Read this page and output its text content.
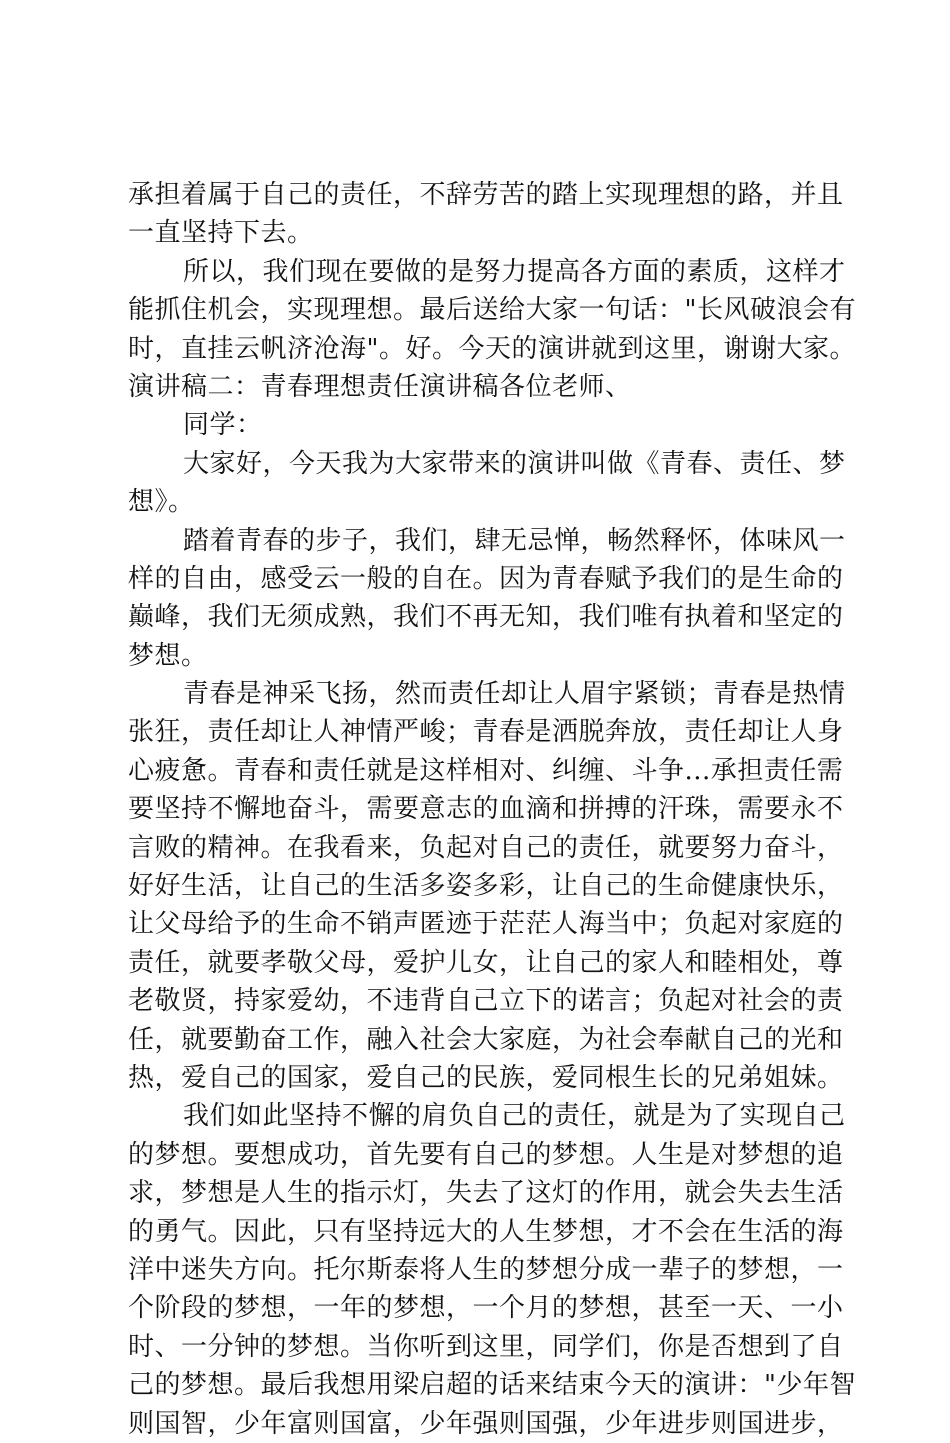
承担着属于自己的责任，不辞劳苦的踏上实现理想的路，并且
一直坚持下去。
所以，我们现在要做的是努力提高各方面的素质，这样才
能抓住机会，实现理想。最后送给大家一句话："长风破浪会有
时，直挂云帆济沧海"。好。今天的演讲就到这里，谢谢大家。
演讲稿二：青春理想责任演讲稿各位老师、
同学：
大家好，今天我为大家带来的演讲叫做《青春、责任、梦
想》。
踏着青春的步子，我们，肆无忌惮，畅然释怀，体味风一
样的自由，感受云一般的自在。因为青春赋予我们的是生命的
巅峰，我们无须成熟，我们不再无知，我们唯有执着和坚定的
梦想。
青春是神采飞扬，然而责任却让人眉宇紧锁；青春是热情
张狂，责任却让人神情严峻；青春是洒脱奔放，责任却让人身
心疲惫。青春和责任就是这样相对、纠缠、斗争...承担责任需
要坚持不懈地奋斗，需要意志的血滴和拼搏的汗珠，需要永不
言败的精神。在我看来，负起对自己的责任，就要努力奋斗，
好好生活，让自己的生活多姿多彩，让自己的生命健康快乐，
让父母给予的生命不销声匿迹于茫茫人海当中；负起对家庭的
责任，就要孝敬父母，爱护儿女，让自己的家人和睦相处，尊
老敬贤，持家爱幼，不违背自己立下的诺言；负起对社会的责
任，就要勤奋工作，融入社会大家庭，为社会奉献自己的光和
热，爱自己的国家，爱自己的民族，爱同根生长的兄弟姐妹。
我们如此坚持不懈的肩负自己的责任，就是为了实现自己
的梦想。要想成功，首先要有自己的梦想。人生是对梦想的追
求，梦想是人生的指示灯，失去了这灯的作用，就会失去生活
的勇气。因此，只有坚持远大的人生梦想，才不会在生活的海
洋中迷失方向。托尔斯泰将人生的梦想分成一辈子的梦想，一
个阶段的梦想，一年的梦想，一个月的梦想，甚至一天、一小
时、一分钟的梦想。当你听到这里，同学们，你是否想到了自
己的梦想。最后我想用梁启超的话来结束今天的演讲："少年智
则国智，少年富则国富，少年强则国强，少年进步则国进步，
